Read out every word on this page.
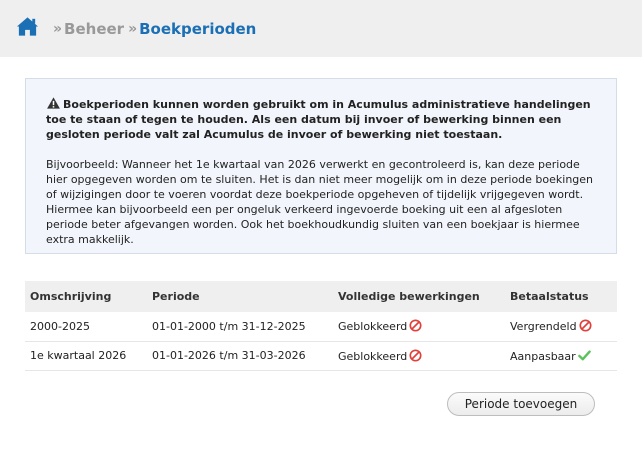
» Beheer » Boekperioden

Boekperioden kunnen worden gebruikt om in Acumulus administratieve handelingen toe te staan of tegen te houden. Als een datum bij invoer of bewerking binnen een gesloten periode valt zal Acumulus de invoer of bewerking niet toestaan.

Bijvoorbeeld: Wanneer het 1e kwartaal van 2026 verwerkt en gecontroleerd is, kan deze periode hier opgegeven worden om te sluiten. Het is dan niet meer mogelijk om in deze periode boekingen of wijzigingen door te voeren voordat deze boekperiode opgeheven of tijdelijk vrijgegeven wordt. Hiermee kan bijvoorbeeld een per ongeluk verkeerd ingevoerde boeking uit een al afgesloten periode beter afgevangen worden. Ook het boekhoudkundig sluiten van een boekjaar is hiermee extra makkelijk.

Omschrijving	Periode	Volledige bewerkingen	Betaalstatus
2000-2025	01-01-2000 t/m 31-12-2025	Geblokkeerd	Vergrendeld
1e kwartaal 2026	01-01-2026 t/m 31-03-2026	Geblokkeerd	Aanpasbaar
Periode toevoegen
